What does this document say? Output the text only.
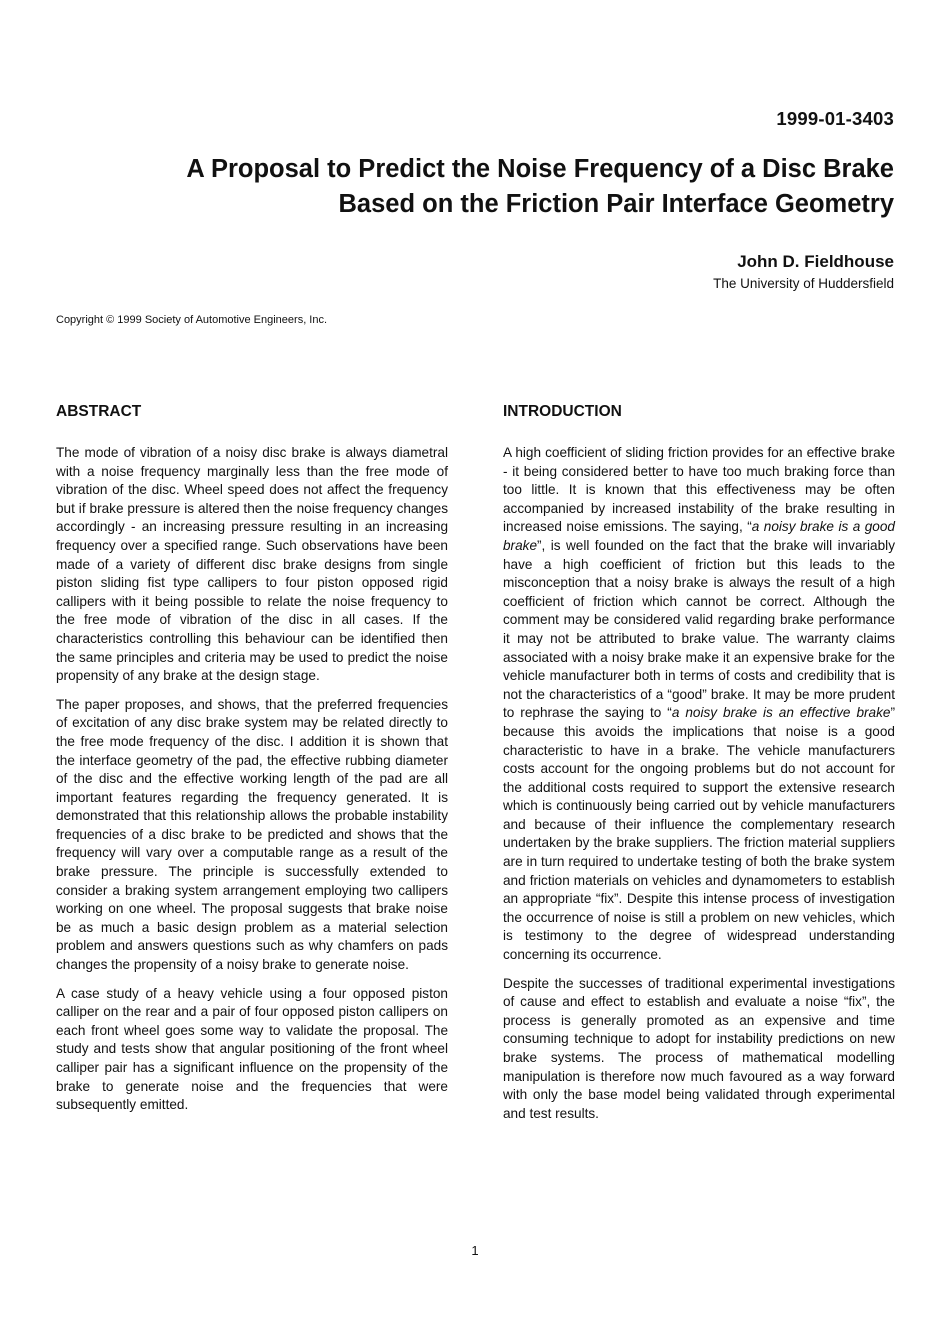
1999-01-3403
A Proposal to Predict the Noise Frequency of a Disc Brake
Based on the Friction Pair Interface Geometry
John D. Fieldhouse
The University of Huddersfield
Copyright © 1999 Society of Automotive Engineers, Inc.
ABSTRACT

The mode of vibration of a noisy disc brake is always diametral with a noise frequency marginally less than the free mode of vibration of the disc. Wheel speed does not affect the frequency but if brake pressure is altered then the noise frequency changes accordingly - an increasing pressure resulting in an increasing frequency over a specified range. Such observations have been made of a variety of different disc brake designs from single piston sliding fist type callipers to four piston opposed rigid callipers with it being possible to relate the noise frequency to the free mode of vibration of the disc in all cases. If the characteristics controlling this behaviour can be identified then the same principles and criteria may be used to predict the noise propensity of any brake at the design stage.

The paper proposes, and shows, that the preferred frequencies of excitation of any disc brake system may be related directly to the free mode frequency of the disc. I addition it is shown that the interface geometry of the pad, the effective rubbing diameter of the disc and the effective working length of the pad are all important features regarding the frequency generated. It is demonstrated that this relationship allows the probable instability frequencies of a disc brake to be predicted and shows that the frequency will vary over a computable range as a result of the brake pressure. The principle is successfully extended to consider a braking system arrangement employing two callipers working on one wheel. The proposal suggests that brake noise be as much a basic design problem as a material selection problem and answers questions such as why chamfers on pads changes the propensity of a noisy brake to generate noise.

A case study of a heavy vehicle using a four opposed piston calliper on the rear and a pair of four opposed piston callipers on each front wheel goes some way to validate the proposal. The study and tests show that angular positioning of the front wheel calliper pair has a significant influence on the propensity of the brake to generate noise and the frequencies that were subsequently emitted.

INTRODUCTION

A high coefficient of sliding friction provides for an effective brake - it being considered better to have too much braking force than too little. It is known that this effectiveness may be often accompanied by increased instability of the brake resulting in increased noise emissions. The saying, “a noisy brake is a good brake”, is well founded on the fact that the brake will invariably have a high coefficient of friction but this leads to the misconception that a noisy brake is always the result of a high coefficient of friction which cannot be correct. Although the comment may be considered valid regarding brake performance it may not be attributed to brake value. The warranty claims associated with a noisy brake make it an expensive brake for the vehicle manufacturer both in terms of costs and credibility that is not the characteristics of a “good” brake. It may be more prudent to rephrase the saying to “a noisy brake is an effective brake” because this avoids the implications that noise is a good characteristic to have in a brake. The vehicle manufacturers costs account for the ongoing problems but do not account for the additional costs required to support the extensive research which is continuously being carried out by vehicle manufacturers and because of their influence the complementary research undertaken by the brake suppliers. The friction material suppliers are in turn required to undertake testing of both the brake system and friction materials on vehicles and dynamometers to establish an appropriate “fix”. Despite this intense process of investigation the occurrence of noise is still a problem on new vehicles, which is testimony to the degree of widespread understanding concerning its occurrence.

Despite the successes of traditional experimental investigations of cause and effect to establish and evaluate a noise “fix”, the process is generally promoted as an expensive and time consuming technique to adopt for instability predictions on new brake systems. The process of mathematical modelling manipulation is therefore now much favoured as a way forward with only the base model being validated through experimental and test results.

1
